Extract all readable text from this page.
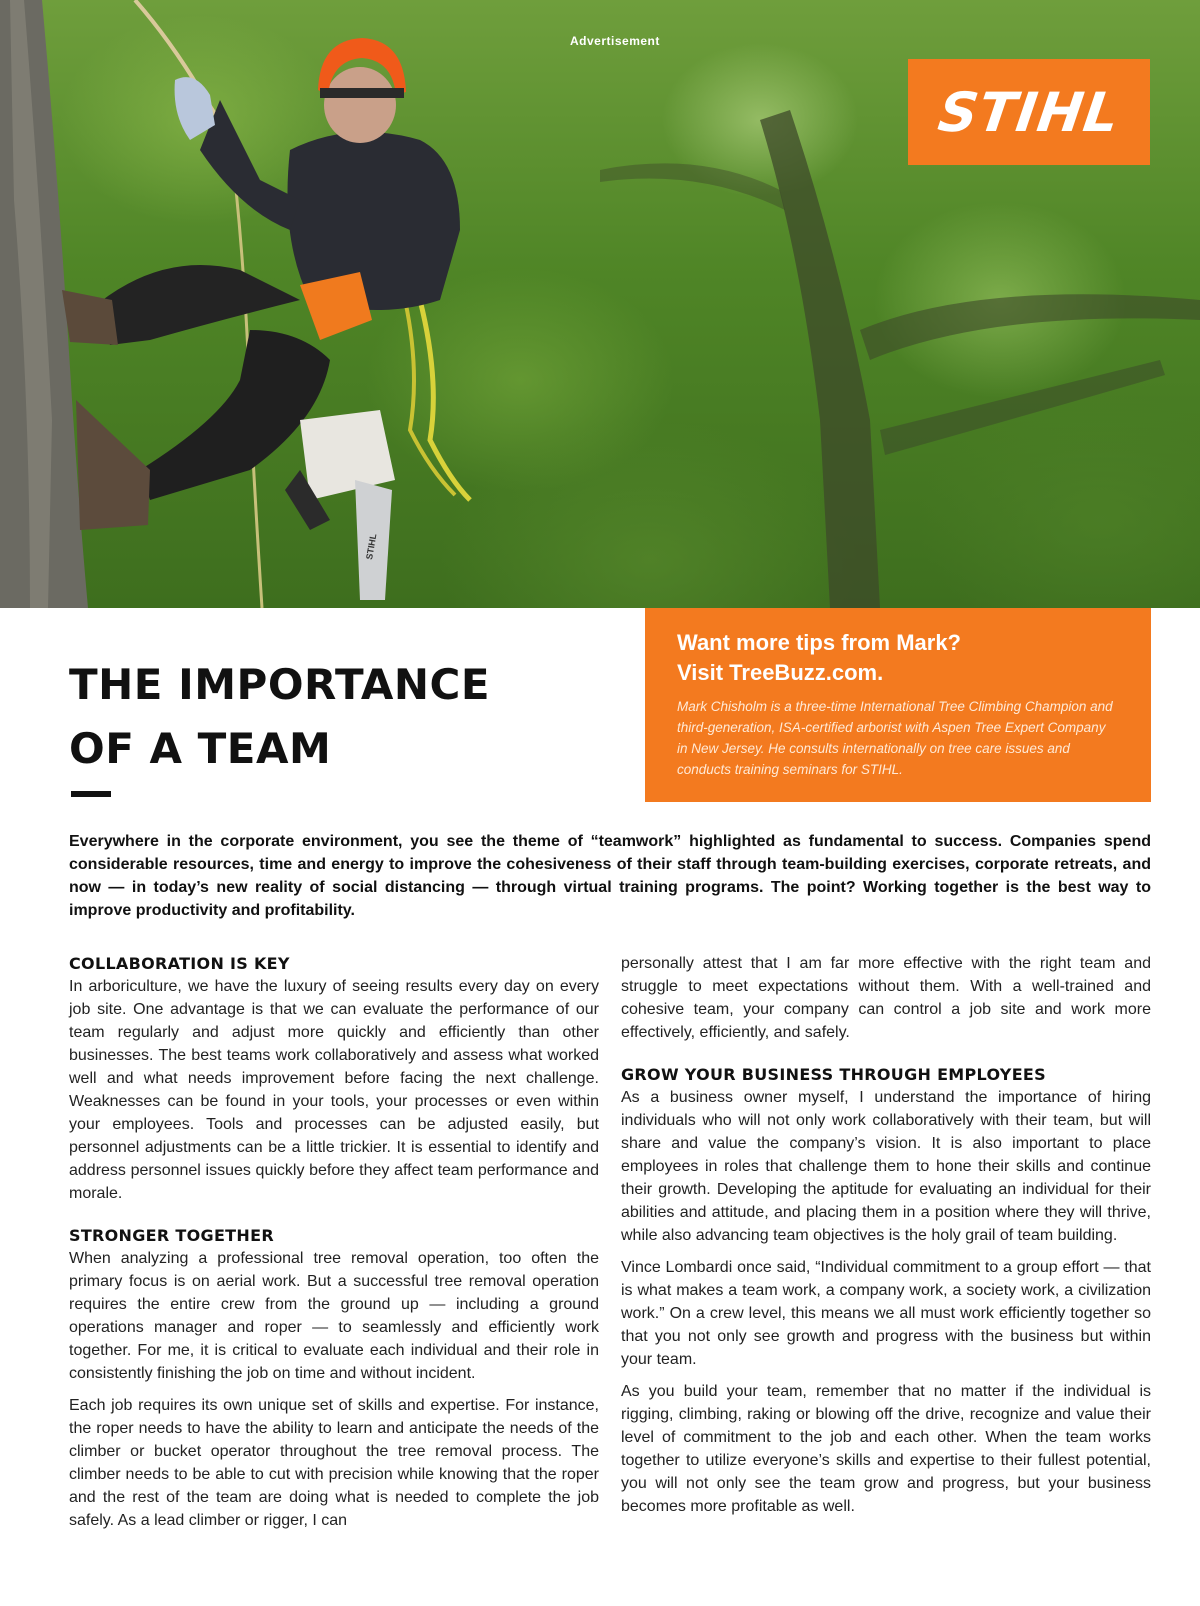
STIHL
Advertisement
STIHL
Want more tips from Mark?
Visit TreeBuzz.com.

Mark Chisholm is a three-time International Tree Climbing Champion and third-generation, ISA-certified arborist with Aspen Tree Expert Company in New Jersey. He consults internationally on tree care issues and conducts training seminars for STIHL.

THE IMPORTANCE
OF A TEAM

Everywhere in the corporate environment, you see the theme of “teamwork” highlighted as fundamental to success. Companies spend considerable resources, time and energy to improve the cohesiveness of their staff through team-building exercises, corporate retreats, and now — in today’s new reality of social distancing — through virtual training programs. The point? Working together is the best way to improve productivity and profitability.

COLLABORATION IS KEY

In arboriculture, we have the luxury of seeing results every day on every job site. One advantage is that we can evaluate the performance of our team regularly and adjust more quickly and efficiently than other businesses. The best teams work collaboratively and assess what worked well and what needs improvement before facing the next challenge. Weaknesses can be found in your tools, your processes or even within your employees. Tools and processes can be adjusted easily, but personnel adjustments can be a little trickier. It is essential to identify and address personnel issues quickly before they affect team performance and morale.

STRONGER TOGETHER

When analyzing a professional tree removal operation, too often the primary focus is on aerial work. But a successful tree removal operation requires the entire crew from the ground up — including a ground operations manager and roper — to seamlessly and efficiently work together. For me, it is critical to evaluate each individual and their role in consistently finishing the job on time and without incident.

Each job requires its own unique set of skills and expertise. For instance, the roper needs to have the ability to learn and anticipate the needs of the climber or bucket operator throughout the tree removal process. The climber needs to be able to cut with precision while knowing that the roper and the rest of the team are doing what is needed to complete the job safely. As a lead climber or rigger, I can

personally attest that I am far more effective with the right team and struggle to meet expectations without them. With a well-trained and cohesive team, your company can control a job site and work more effectively, efficiently, and safely.

GROW YOUR BUSINESS THROUGH EMPLOYEES

As a business owner myself, I understand the importance of hiring individuals who will not only work collaboratively with their team, but will share and value the company’s vision. It is also important to place employees in roles that challenge them to hone their skills and continue their growth. Developing the aptitude for evaluating an individual for their abilities and attitude, and placing them in a position where they will thrive, while also advancing team objectives is the holy grail of team building.

Vince Lombardi once said, “Individual commitment to a group effort — that is what makes a team work, a company work, a society work, a civilization work.” On a crew level, this means we all must work efficiently together so that you not only see growth and progress with the business but within your team.

As you build your team, remember that no matter if the individual is rigging, climbing, raking or blowing off the drive, recognize and value their level of commitment to the job and each other. When the team works together to utilize everyone’s skills and expertise to their fullest potential, you will not only see the team grow and progress, but your business becomes more profitable as well.
